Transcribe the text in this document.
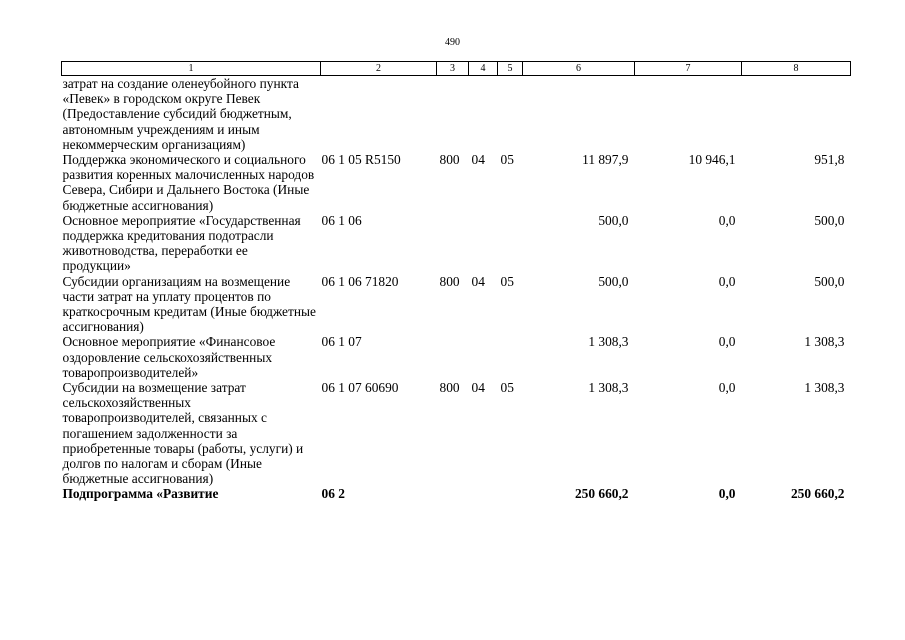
490
1	2	3	4	5	6	7	8
затрат на создание оленеубойного пункта «Певек» в городском округе Певек (Предоставление субсидий бюджетным, автономным учреждениям и иным некоммерческим организациям)							
Поддержка экономического и социального развития коренных малочисленных народов Севера, Сибири и Дальнего Востока (Иные бюджетные ассигнования)	06 1 05 R5150	800	04	05	11 897,9	10 946,1	951,8
Основное мероприятие «Государственная поддержка кредитования подотрасли животноводства, переработки ее продукции»	06 1 06				500,0	0,0	500,0
Субсидии организациям на возмещение части затрат на уплату процентов по краткосрочным кредитам (Иные бюджетные ассигнования)	06 1 06 71820	800	04	05	500,0	0,0	500,0
Основное мероприятие «Финансовое оздоровление сельскохозяйственных товаропроизводителей»	06 1 07				1 308,3	0,0	1 308,3
Субсидии на возмещение затрат сельскохозяйственных товаропроизводителей, связанных с погашением задолженности за приобретенные товары (работы, услуги) и долгов по налогам и сборам (Иные бюджетные ассигнования)	06 1 07 60690	800	04	05	1 308,3	0,0	1 308,3
Подпрограмма «Развитие	06 2				250 660,2	0,0	250 660,2
